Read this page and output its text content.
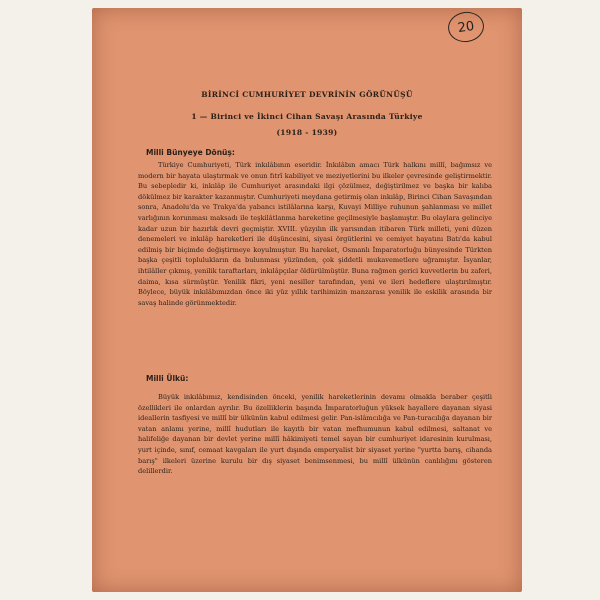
20
BİRİNCİ CUMHURİYET DEVRİNİN GÖRÜNÜŞÜ
1 — Birinci ve İkinci Cihan Savaşı Arasında Türkiye
(1918 - 1939)
Milli Bünyeye Dönüş:

Türkiye Cumhuriyeti, Türk inkılâbının eseridir. İnkılâbın amacı Türk halkını millî, bağımsız ve modern bir hayata ulaştırmak ve onun fıtrî kabiliyet ve meziyetlerini bu ilkeler çevresinde geliştirmektir. Bu sebepledir ki, inkılâp ile Cumhuriyet arasındaki ilgi çözülmez, değiştirilmez ve başka bir kalıba dökülmez bir karakter kazanmıştır. Cumhuriyeti meydana getirmiş olan inkılâp, Birinci Cihan Savaşından sonra, Anadolu'da ve Trakya'da yabancı istilâlarına karşı, Kuvayi Milliye ruhunun şahlanması ve millet varlığının korunması maksadı ile teşkilâtlanma hareketine geçilmesiyle başlamıştır. Bu olaylara gelinciye kadar uzun bir hazırlık devri geçmiştir. XVIII. yüzyılın ilk yarısından itibaren Türk milleti, yeni düzen denemeleri ve inkılâp hareketleri ile düşüncesini, siyasi örgütlerini ve cemiyet hayatını Batı'da kabul edilmiş bir biçimde değiştirmeye koyulmuştur. Bu hareket, Osmanlı İmparatorluğu bünyesinde Türkten başka çeşitli toplulukların da bulunması yüzünden, çok şiddetli mukavemetlere uğramıştır. İsyanlar, ihtilâller çıkmış, yenilik taraftarları, inkılâpçılar öldürülmüştür. Buna rağmen gerici kuvvetlerin bu zaferi, daima, kısa sürmüştür. Yenilik fikri, yeni nesiller tarafından, yeni ve ileri hedeflere ulaştırılmıştır. Böylece, büyük inkılâbımızdan önce iki yüz yıllık tarihimizin manzarası yenilik ile eskilik arasında bir savaş halinde görünmektedir.

Milli Ülkü:

Büyük inkılâbımız, kendisinden önceki, yenilik hareketlerinin devamı olmakla beraber çeşitli özellikleri ile onlardan ayrılır. Bu özelliklerin başında İmparatorluğun yüksek hayallere dayanan siyasi ideallerin tasfiyesi ve millî bir ülkünün kabul edilmesi gelir. Pan-islâmcılığa ve Pan-turacılığa dayanan bir vatan anlamı yerine, millî hudutları ile kayıtlı bir vatan mefhumunun kabul edilmesi, saltanat ve halifeliğe dayanan bir devlet yerine millî hâkimiyeti temel sayan bir cumhuriyet idaresinin kurulması, yurt içinde, sınıf, cemaat kavgaları ile yurt dışında emperyalist bir siyaset yerine "yurtta barış, cihanda barış" ilkeleri üzerine kurulu bir dış siyaset benimsenmesi, bu millî ülkünün canlılığını gösteren delillerdir.
